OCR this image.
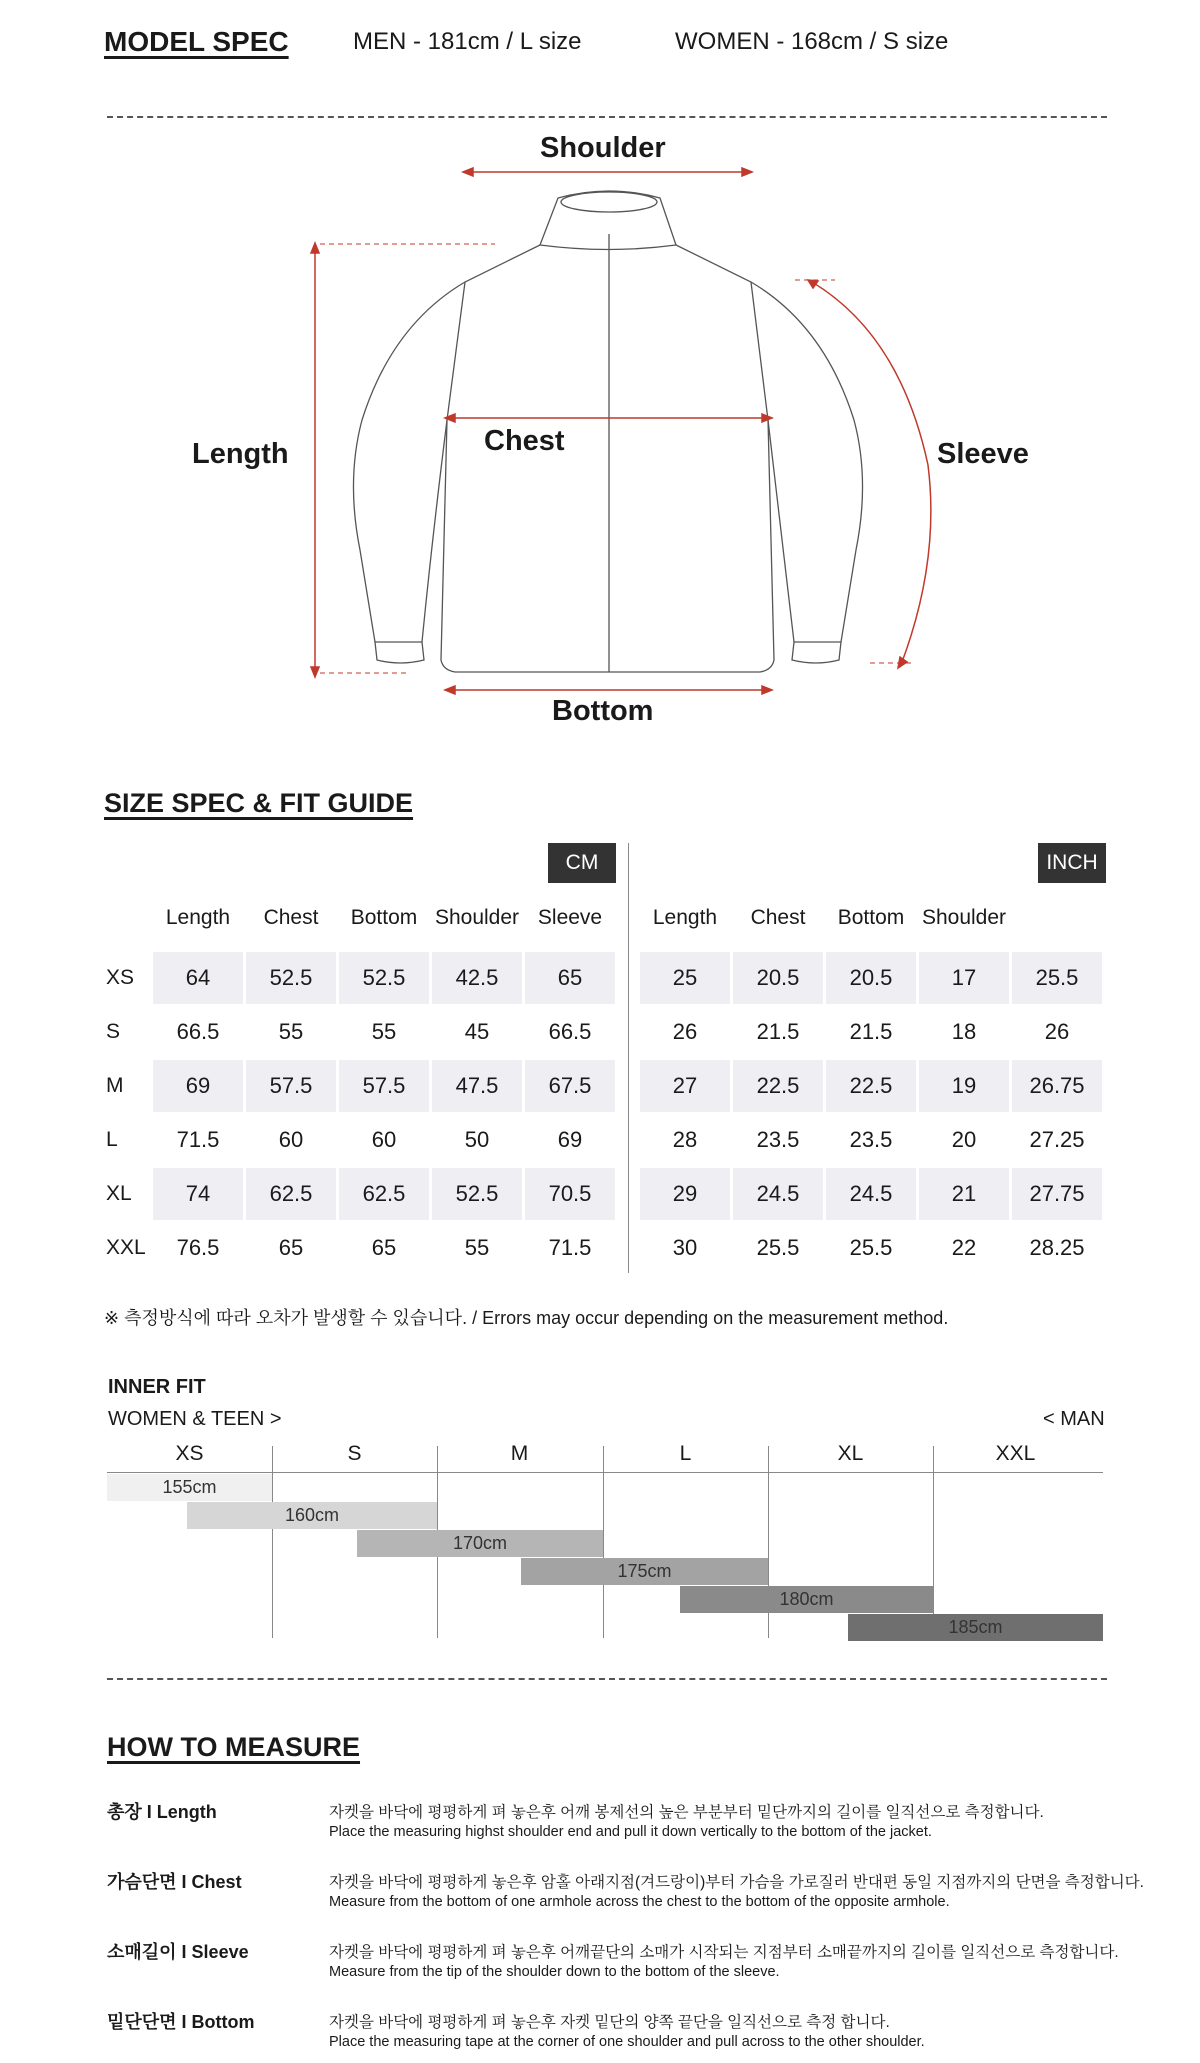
MODEL SPEC	MEN - 181cm / L size	WOMEN - 168cm / S size
Shoulder
Chest
Length	Sleeve
Bottom
SIZE SPEC & FIT GUIDE
CM	INCH
Length	Chest	Bottom Shoulder Sleeve	Length	Chest	Bottom Shoulder
XS	64	52.5	52.5	42.5	65	25	20.5	20.5	17	25.5
S	66.5	55	55	45	66.5	26	21.5	21.5	18	26
M	69	57.5	57.5	47.5	67.5	27	22.5	22.5	19	26.75
L	71.5	60	60	50	69	28	23.5	23.5	20	27.25
XL	74	62.5	62.5	52.5	70.5	29	24.5	24.5	21	27.75
XXL	76.5	65	65	55	71.5	30	25.5	25.5	22	28.25
※ 측정방식에 따라 오차가 발생할 수 있습니다. / Errors may occur depending on the measurement method.
INNER FIT
WOMEN & TEEN >	< MAN
XS	S	M	L	XL	XXL
155cm
160cm
170cm
175cm
180cm
185cm
HOW TO MEASURE
총장 I Length	자켓을 바닥에 평평하게 펴 놓은후 어깨 봉제선의 높은 부분부터 밑단까지의 길이를 일직선으로 측정합니다.
Place the measuring highst shoulder end and pull it down vertically to the bottom of the jacket.
가슴단면 I Chest	자켓을 바닥에 평평하게 놓은후 암홀 아래지점(겨드랑이)부터 가슴을 가로질러 반대편 동일 지점까지의 단면을 측정합니다.
Measure from the bottom of one armhole across the chest to the bottom of the opposite armhole.
소매길이 I Sleeve	자켓을 바닥에 평평하게 펴 놓은후 어깨끝단의 소매가 시작되는 지점부터 소매끝까지의 길이를 일직선으로 측정합니다.
Measure from the tip of the shoulder down to the bottom of the sleeve.
밑단단면 I Bottom	자켓을 바닥에 평평하게 펴 놓은후 자켓 밑단의 양쪽 끝단을 일직선으로 측정 합니다.
Place the measuring tape at the corner of one shoulder and pull across to the other shoulder.
